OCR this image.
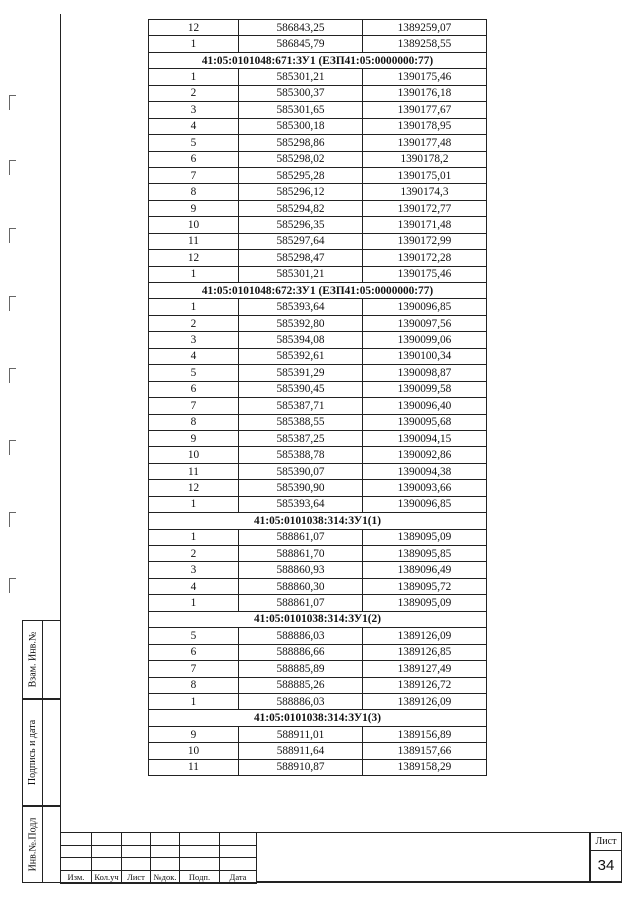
Взам. Инв.№
Подпись и дата
Инв.№.Подл
12	586843,25	1389259,07
1	586845,79	1389258,55
41:05:0101048:671:ЗУ1 (ЕЗП41:05:0000000:77)		
1	585301,21	1390175,46
2	585300,37	1390176,18
3	585301,65	1390177,67
4	585300,18	1390178,95
5	585298,86	1390177,48
6	585298,02	1390178,2
7	585295,28	1390175,01
8	585296,12	1390174,3
9	585294,82	1390172,77
10	585296,35	1390171,48
11	585297,64	1390172,99
12	585298,47	1390172,28
1	585301,21	1390175,46
41:05:0101048:672:ЗУ1 (ЕЗП41:05:0000000:77)		
1	585393,64	1390096,85
2	585392,80	1390097,56
3	585394,08	1390099,06
4	585392,61	1390100,34
5	585391,29	1390098,87
6	585390,45	1390099,58
7	585387,71	1390096,40
8	585388,55	1390095,68
9	585387,25	1390094,15
10	585388,78	1390092,86
11	585390,07	1390094,38
12	585390,90	1390093,66
1	585393,64	1390096,85
41:05:0101038:314:ЗУ1(1)		
1	588861,07	1389095,09
2	588861,70	1389095,85
3	588860,93	1389096,49
4	588860,30	1389095,72
1	588861,07	1389095,09
41:05:0101038:314:ЗУ1(2)		
5	588886,03	1389126,09
6	588886,66	1389126,85
7	588885,89	1389127,49
8	588885,26	1389126,72
1	588886,03	1389126,09
41:05:0101038:314:ЗУ1(3)		
9	588911,01	1389156,89
10	588911,64	1389157,66
11	588910,87	1389158,29

Изм.	Кол.уч	Лист	№док.	Подп.	Дата
Лист
34
